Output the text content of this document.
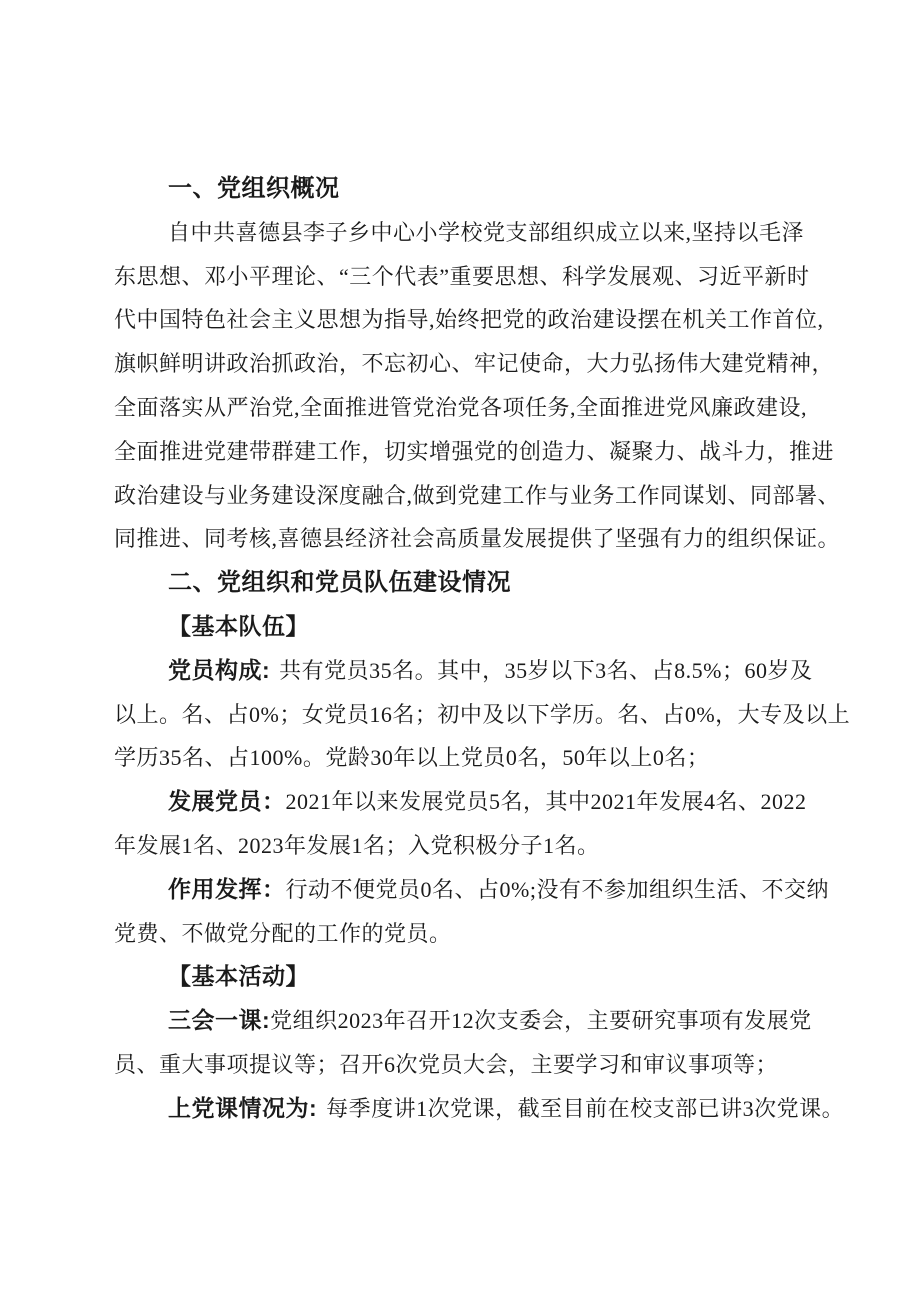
一、党组织概况
自中共喜德县李子乡中心小学校党支部组织成立以来,坚持以毛泽
东思想、邓小平理论、“三个代表”重要思想、科学发展观、习近平新时
代中国特色社会主义思想为指导,始终把党的政治建设摆在机关工作首位,
旗帜鲜明讲政治抓政治，不忘初心、牢记使命，大力弘扬伟大建党精神，
全面落实从严治党,全面推进管党治党各项任务,全面推进党风廉政建设,
全面推进党建带群建工作，切实增强党的创造力、凝聚力、战斗力，推进
政治建设与业务建设深度融合,做到党建工作与业务工作同谋划、同部暑、
同推进、同考核,喜德县经济社会高质量发展提供了坚强有力的组织保证。
二、党组织和党员队伍建设情况
【基本队伍】
党员构成: 共有党员35名。其中，35岁以下3名、占8.5%；60岁及
以上。名、占0%；女党员16名；初中及以下学历。名、占0%，大专及以上
学历35名、占100%。党龄30年以上党员0名，50年以上0名；
发展党员：2021年以来发展党员5名，其中2021年发展4名、2022
年发展1名、2023年发展1名；入党积极分子1名。
作用发挥：行动不便党员0名、占0%;没有不参加组织生活、不交纳
党费、不做党分配的工作的党员。
【基本活动】
三会一课:党组织2023年召开12次支委会，主要研究事项有发展党
员、重大事项提议等；召开6次党员大会，主要学习和审议事项等；
上党课情况为: 每季度讲1次党课，截至目前在校支部已讲3次党课。
